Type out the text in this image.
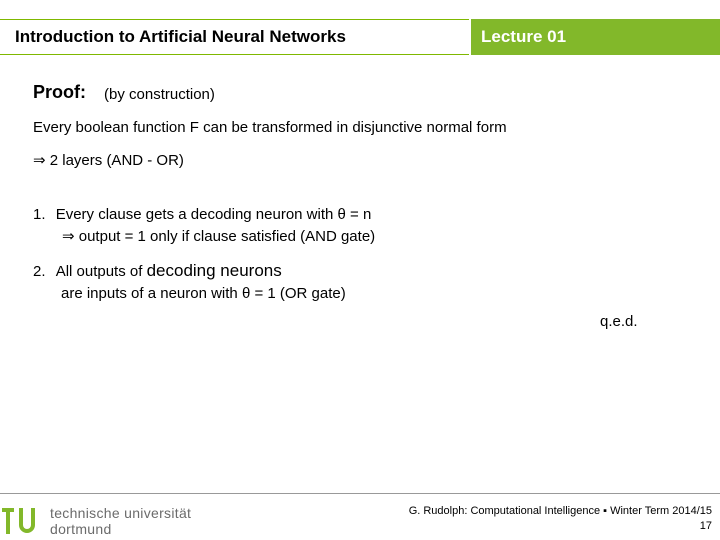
Introduction to Artificial Neural Networks	Lecture 01
Proof: (by construction)
Every boolean function F can be transformed in disjunctive normal form
⇒ 2 layers (AND - OR)
1. Every clause gets a decoding neuron with θ = n
⇒ output = 1 only if clause satisfied (AND gate)
2. All outputs of decoding neurons
are inputs of a neuron with θ = 1 (OR gate)
q.e.d.
technische universität
dortmund
G. Rudolph: Computational Intelligence ▪ Winter Term 2014/15
17
